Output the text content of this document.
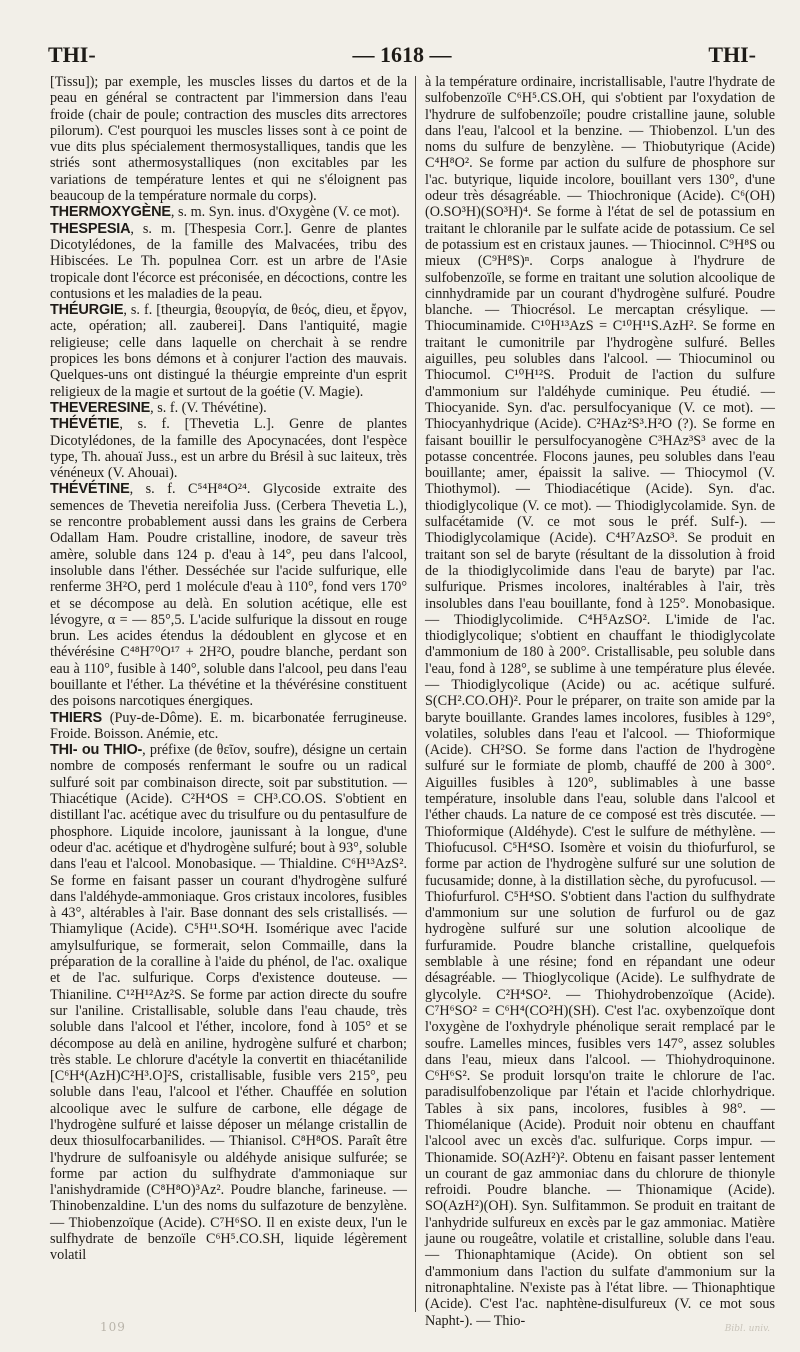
THI-	— 1618 —	THI-

[Tissu]); par exemple, les muscles lisses du dartos et de la peau en général se contractent par l'immersion dans l'eau froide (chair de poule; contraction des muscles dits arrectores pilorum). C'est pourquoi les muscles lisses sont à ce point de vue dits plus spécialement thermosystalliques, tandis que les striés sont athermosystalliques (non excitables par les variations de température lentes et qui ne s'éloignent pas beaucoup de la température normale du corps).

THERMOXYGÈNE, s. m. Syn. inus. d'Oxygène (V. ce mot).

THESPESIA, s. m. [Thespesia Corr.]. Genre de plantes Dicotylédones, de la famille des Malvacées, tribu des Hibiscées. Le Th. populnea Corr. est un arbre de l'Asie tropicale dont l'écorce est préconisée, en décoctions, contre les contusions et les maladies de la peau.

THÉURGIE, s. f. [theurgia, θεουργία, de θεός, dieu, et ἔργον, acte, opération; all. zauberei]. Dans l'antiquité, magie religieuse; celle dans laquelle on cherchait à se rendre propices les bons démons et à conjurer l'action des mauvais. Quelques-uns ont distingué la théurgie empreinte d'un esprit religieux de la magie et surtout de la goétie (V. Magie).

THEVERESINE, s. f. (V. Thévétine).

THÉVÉTIE, s. f. [Thevetia L.]. Genre de plantes Dicotylédones, de la famille des Apocynacées, dont l'espèce type, Th. ahouaï Juss., est un arbre du Brésil à suc laiteux, très vénéneux (V. Ahouai).

THÉVÉTINE, s. f. C⁵⁴H⁸⁴O²⁴. Glycoside extraite des semences de Thevetia nereifolia Juss. (Cerbera Thevetia L.), se rencontre probablement aussi dans les grains de Cerbera Odallam Ham. Poudre cristalline, inodore, de saveur très amère, soluble dans 124 p. d'eau à 14°, peu dans l'alcool, insoluble dans l'éther. Desséchée sur l'acide sulfurique, elle renferme 3H²O, perd 1 molécule d'eau à 110°, fond vers 170° et se décompose au delà. En solution acétique, elle est lévogyre, α = — 85°,5. L'acide sulfurique la dissout en rouge brun. Les acides étendus la dédoublent en glycose et en thévérésine C⁴⁸H⁷⁰O¹⁷ + 2H²O, poudre blanche, perdant son eau à 110°, fusible à 140°, soluble dans l'alcool, peu dans l'eau bouillante et l'éther. La thévétine et la thévérésine constituent des poisons narcotiques énergiques.

THIERS (Puy-de-Dôme). E. m. bicarbonatée ferrugineuse. Froide. Boisson. Anémie, etc.

THI- ou THIO-, préfixe (de θεῖον, soufre), désigne un certain nombre de composés renfermant le soufre ou un radical sulfuré soit par combinaison directe, soit par substitution. — Thiacétique (Acide). C²H⁴OS = CH³.CO.OS. S'obtient en distillant l'ac. acétique avec du trisulfure ou du pentasulfure de phosphore. Liquide incolore, jaunissant à la longue, d'une odeur d'ac. acétique et d'hydrogène sulfuré; bout à 93°, soluble dans l'eau et l'alcool. Monobasique. — Thialdine. C⁶H¹³AzS². Se forme en faisant passer un courant d'hydrogène sulfuré dans l'aldéhyde-ammoniaque. Gros cristaux incolores, fusibles à 43°, altérables à l'air. Base donnant des sels cristallisés. — Thiamylique (Acide). C⁵H¹¹.SO⁴H. Isomérique avec l'acide amylsulfurique, se formerait, selon Commaille, dans la préparation de la coralline à l'aide du phénol, de l'ac. oxalique et de l'ac. sulfurique. Corps d'existence douteuse. — Thianiline. C¹²H¹²Az²S. Se forme par action directe du soufre sur l'aniline. Cristallisable, soluble dans l'eau chaude, très soluble dans l'alcool et l'éther, incolore, fond à 105° et se décompose au delà en aniline, hydrogène sulfuré et charbon; très stable. Le chlorure d'acétyle la convertit en thiacétanilide [C⁶H⁴(AzH)C²H³.O]²S, cristallisable, fusible vers 215°, peu soluble dans l'eau, l'alcool et l'éther. Chauffée en solution alcoolique avec le sulfure de carbone, elle dégage de l'hydrogène sulfuré et laisse déposer un mélange cristallin de deux thiosulfocarbanilides. — Thianisol. C⁸H⁸OS. Paraît être l'hydrure de sulfoanisyle ou aldéhyde anisique sulfurée; se forme par action du sulfhydrate d'ammoniaque sur l'anishydramide (C⁸H⁸O)³Az². Poudre blanche, farineuse. — Thinobenzaldine. L'un des noms du sulfazoture de benzylène. — Thiobenzoïque (Acide). C⁷H⁶SO. Il en existe deux, l'un le sulfhydrate de benzoïle C⁶H⁵.CO.SH, liquide légèrement volatil

à la température ordinaire, incristallisable, l'autre l'hydrate de sulfobenzoïle C⁶H⁵.CS.OH, qui s'obtient par l'oxydation de l'hydrure de sulfobenzoïle; poudre cristalline jaune, soluble dans l'eau, l'alcool et la benzine. — Thiobenzol. L'un des noms du sulfure de benzylène. — Thiobutyrique (Acide) C⁴H⁸O². Se forme par action du sulfure de phosphore sur l'ac. butyrique, liquide incolore, bouillant vers 130°, d'une odeur très désagréable. — Thiochronique (Acide). C⁶(OH)(O.SO³H)(SO³H)⁴. Se forme à l'état de sel de potassium en traitant le chloranile par le sulfate acide de potassium. Ce sel de potassium est en cristaux jaunes. — Thiocinnol. C⁹H⁸S ou mieux (C⁹H⁸S)ⁿ. Corps analogue à l'hydrure de sulfobenzoïle, se forme en traitant une solution alcoolique de cinnhydramide par un courant d'hydrogène sulfuré. Poudre blanche. — Thiocrésol. Le mercaptan crésylique. — Thiocuminamide. C¹⁰H¹³AzS = C¹⁰H¹¹S.AzH². Se forme en traitant le cumonitrile par l'hydrogène sulfuré. Belles aiguilles, peu solubles dans l'alcool. — Thiocuminol ou Thiocumol. C¹⁰H¹²S. Produit de l'action du sulfure d'ammonium sur l'aldéhyde cuminique. Peu étudié. — Thiocyanide. Syn. d'ac. persulfocyanique (V. ce mot). — Thiocyanhydrique (Acide). C²HAz²S³.H²O (?). Se forme en faisant bouillir le persulfocyanogène C³HAz³S³ avec de la potasse concentrée. Flocons jaunes, peu solubles dans l'eau bouillante; amer, épaissit la salive. — Thiocymol (V. Thiothymol). — Thiodiacétique (Acide). Syn. d'ac. thiodiglycolique (V. ce mot). — Thiodiglycolamide. Syn. de sulfacétamide (V. ce mot sous le préf. Sulf-). — Thiodiglycolamique (Acide). C⁴H⁷AzSO³. Se produit en traitant son sel de baryte (résultant de la dissolution à froid de la thiodiglycolimide dans l'eau de baryte) par l'ac. sulfurique. Prismes incolores, inaltérables à l'air, très insolubles dans l'eau bouillante, fond à 125°. Monobasique. — Thiodiglycolimide. C⁴H⁵AzSO². L'imide de l'ac. thiodiglycolique; s'obtient en chauffant le thiodiglycolate d'ammonium de 180 à 200°. Cristallisable, peu soluble dans l'eau, fond à 128°, se sublime à une température plus élevée. — Thiodiglycolique (Acide) ou ac. acétique sulfuré. S(CH².CO.OH)². Pour le préparer, on traite son amide par la baryte bouillante. Grandes lames incolores, fusibles à 129°, volatiles, solubles dans l'eau et l'alcool. — Thioformique (Acide). CH²SO. Se forme dans l'action de l'hydrogène sulfuré sur le formiate de plomb, chauffé de 200 à 300°. Aiguilles fusibles à 120°, sublimables à une basse température, insoluble dans l'eau, soluble dans l'alcool et l'éther chauds. La nature de ce composé est très discutée. — Thioformique (Aldéhyde). C'est le sulfure de méthylène. — Thiofucusol. C⁵H⁴SO. Isomère et voisin du thiofurfurol, se forme par action de l'hydrogène sulfuré sur une solution de fucusamide; donne, à la distillation sèche, du pyrofucusol. — Thiofurfurol. C⁵H⁴SO. S'obtient dans l'action du sulfhydrate d'ammonium sur une solution de furfurol ou de gaz hydrogène sulfuré sur une solution alcoolique de furfuramide. Poudre blanche cristalline, quelquefois semblable à une résine; fond en répandant une odeur désagréable. — Thioglycolique (Acide). Le sulfhydrate de glycolyle. C²H⁴SO². — Thiohydrobenzoïque (Acide). C⁷H⁶SO² = C⁶H⁴(CO²H)(SH). C'est l'ac. oxybenzoïque dont l'oxygène de l'oxhydryle phénolique serait remplacé par le soufre. Lamelles minces, fusibles vers 147°, assez solubles dans l'eau, mieux dans l'alcool. — Thiohydroquinone. C⁶H⁶S². Se produit lorsqu'on traite le chlorure de l'ac. paradisulfobenzolique par l'étain et l'acide chlorhydrique. Tables à six pans, incolores, fusibles à 98°. — Thiomélanique (Acide). Produit noir obtenu en chauffant l'alcool avec un excès d'ac. sulfurique. Corps impur. — Thionamide. SO(AzH²)². Obtenu en faisant passer lentement un courant de gaz ammoniac dans du chlorure de thionyle refroidi. Poudre blanche. — Thionamique (Acide). SO(AzH²)(OH). Syn. Sulfitammon. Se produit en traitant de l'anhydride sulfureux en excès par le gaz ammoniac. Matière jaune ou rougeâtre, volatile et cristalline, soluble dans l'eau. — Thionaphtamique (Acide). On obtient son sel d'ammonium dans l'action du sulfate d'ammonium sur la nitronaphtaline. N'existe pas à l'état libre. — Thionaphtique (Acide). C'est l'ac. naphtène-disulfureux (V. ce mot sous Napht-). — Thio-

109	Bibl. univ.
